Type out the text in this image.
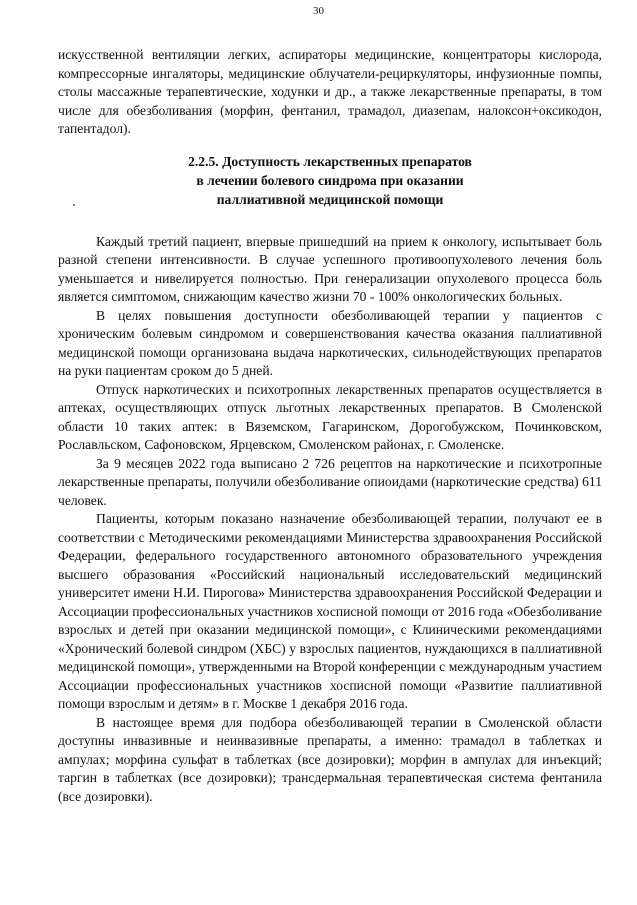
30

искусственной вентиляции легких, аспираторы медицинские, концентраторы кислорода, компрессорные ингаляторы, медицинские облучатели-рециркуляторы, инфузионные помпы, столы массажные терапевтические, ходунки и др., а также лекарственные препараты, в том числе для обезболивания (морфин, фентанил, трамадол, диазепам, налоксон+оксикодон, тапентадол).

2.2.5. Доступность лекарственных препаратов
в лечении болевого синдрома при оказании
паллиативной медицинской помощи

Каждый третий пациент, впервые пришедший на прием к онкологу, испытывает боль разной степени интенсивности. В случае успешного противоопухолевого лечения боль уменьшается и нивелируется полностью. При генерализации опухолевого процесса боль является симптомом, снижающим качество жизни 70 - 100% онкологических больных.

В целях повышения доступности обезболивающей терапии у пациентов с хроническим болевым синдромом и совершенствования качества оказания паллиативной медицинской помощи организована выдача наркотических, сильнодействующих препаратов на руки пациентам сроком до 5 дней.

Отпуск наркотических и психотропных лекарственных препаратов осуществляется в аптеках, осуществляющих отпуск льготных лекарственных препаратов. В Смоленской области 10 таких аптек: в Вяземском, Гагаринском, Дорогобужском, Починковском, Рославльском, Сафоновском, Ярцевском, Смоленском районах, г. Смоленске.

За 9 месяцев 2022 года выписано 2 726 рецептов на наркотические и психотропные лекарственные препараты, получили обезболивание опиоидами (наркотические средства) 611 человек.

Пациенты, которым показано назначение обезболивающей терапии, получают ее в соответствии с Методическими рекомендациями Министерства здравоохранения Российской Федерации, федерального государственного автономного образовательного учреждения высшего образования «Российский национальный исследовательский медицинский университет имени Н.И. Пирогова» Министерства здравоохранения Российской Федерации и Ассоциации профессиональных участников хосписной помощи от 2016 года «Обезболивание взрослых и детей при оказании медицинской помощи», с Клиническими рекомендациями «Хронический болевой синдром (ХБС) у взрослых пациентов, нуждающихся в паллиативной медицинской помощи», утвержденными на Второй конференции с международным участием Ассоциации профессиональных участников хосписной помощи «Развитие паллиативной помощи взрослым и детям» в г. Москве 1 декабря 2016 года.

В настоящее время для подбора обезболивающей терапии в Смоленской области доступны инвазивные и неинвазивные препараты, а именно: трамадол в таблетках и ампулах; морфина сульфат в таблетках (все дозировки); морфин в ампулах для инъекций; таргин в таблетках (все дозировки); трансдермальная терапевтическая система фентанила (все дозировки).
